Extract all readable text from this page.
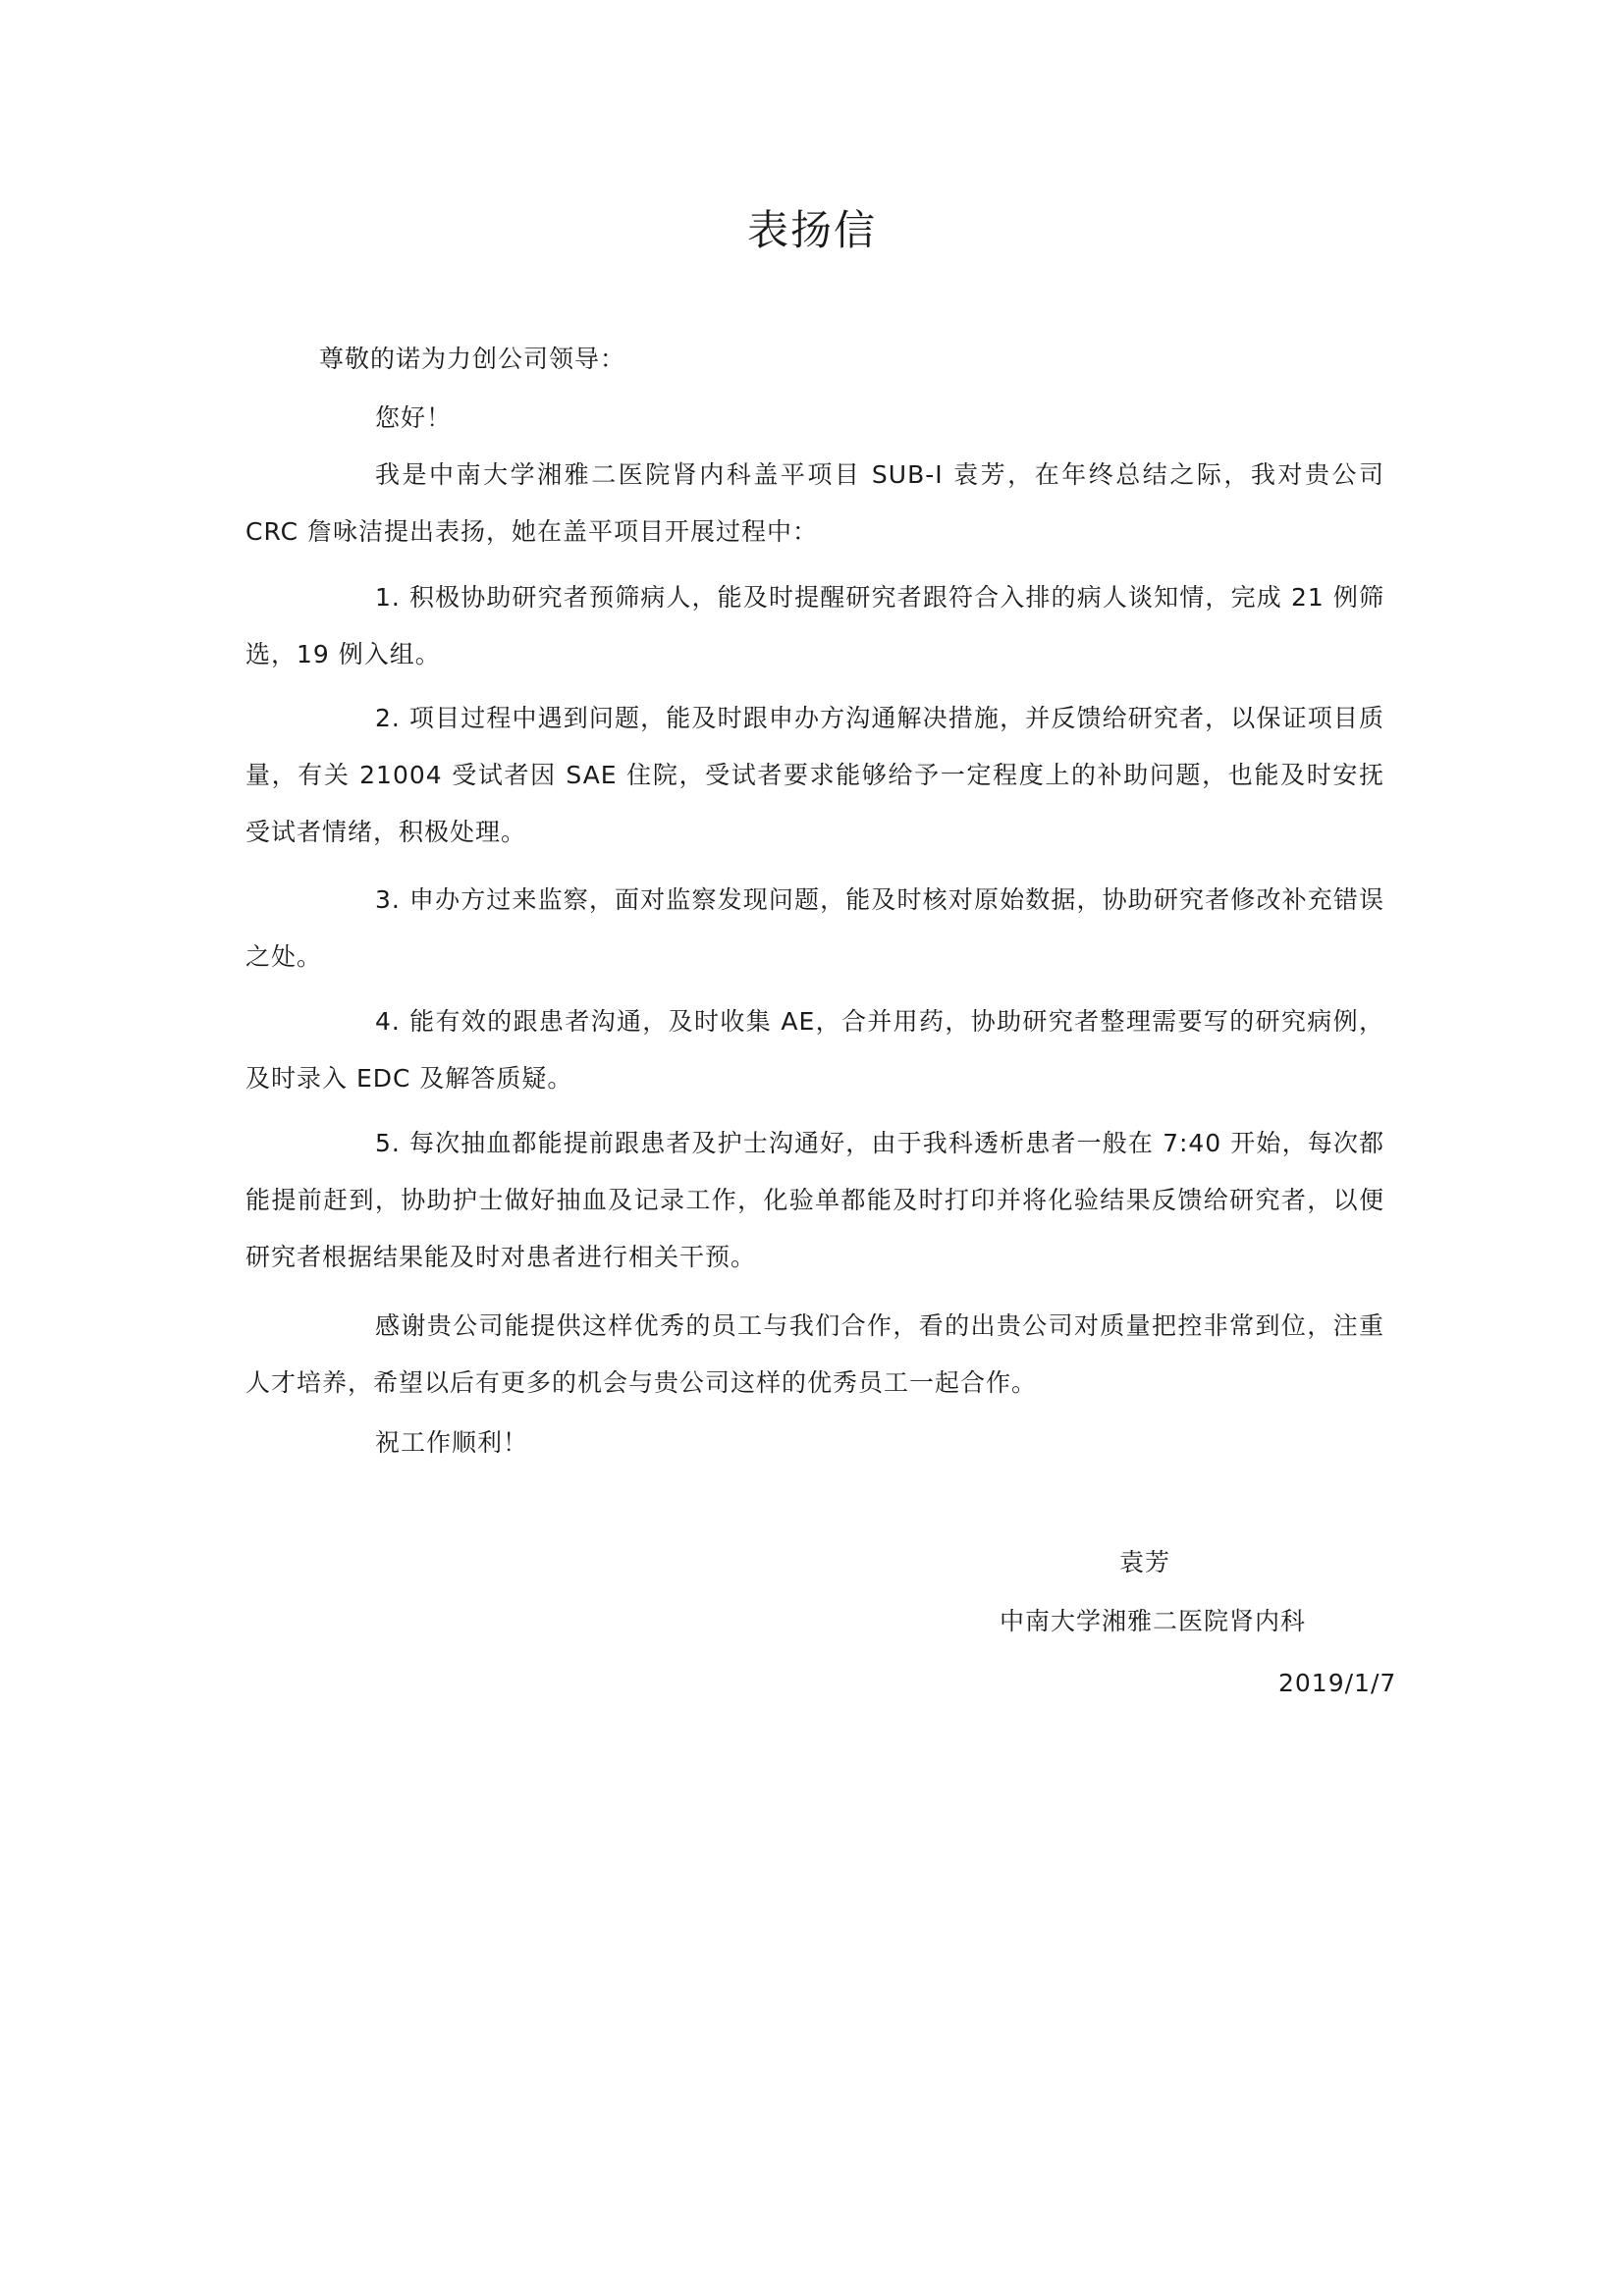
表扬信
尊敬的诺为力创公司领导：
您好！
我是中南大学湘雅二医院肾内科盖平项目 SUB-I 袁芳，在年终总结之际，我对贵公司 CRC 詹咏洁提出表扬，她在盖平项目开展过程中：
1. 积极协助研究者预筛病人，能及时提醒研究者跟符合入排的病人谈知情，完成 21 例筛选，19 例入组。
2. 项目过程中遇到问题，能及时跟申办方沟通解决措施，并反馈给研究者，以保证项目质量，有关 21004 受试者因 SAE 住院，受试者要求能够给予一定程度上的补助问题，也能及时安抚受试者情绪，积极处理。
3. 申办方过来监察，面对监察发现问题，能及时核对原始数据，协助研究者修改补充错误之处。
4. 能有效的跟患者沟通，及时收集 AE，合并用药，协助研究者整理需要写的研究病例，及时录入 EDC 及解答质疑。
5. 每次抽血都能提前跟患者及护士沟通好，由于我科透析患者一般在 7:40 开始，每次都能提前赶到，协助护士做好抽血及记录工作，化验单都能及时打印并将化验结果反馈给研究者，以便研究者根据结果能及时对患者进行相关干预。
感谢贵公司能提供这样优秀的员工与我们合作，看的出贵公司对质量把控非常到位，注重人才培养，希望以后有更多的机会与贵公司这样的优秀员工一起合作。
祝工作顺利！
袁芳
中南大学湘雅二医院肾内科
2019/1/7
